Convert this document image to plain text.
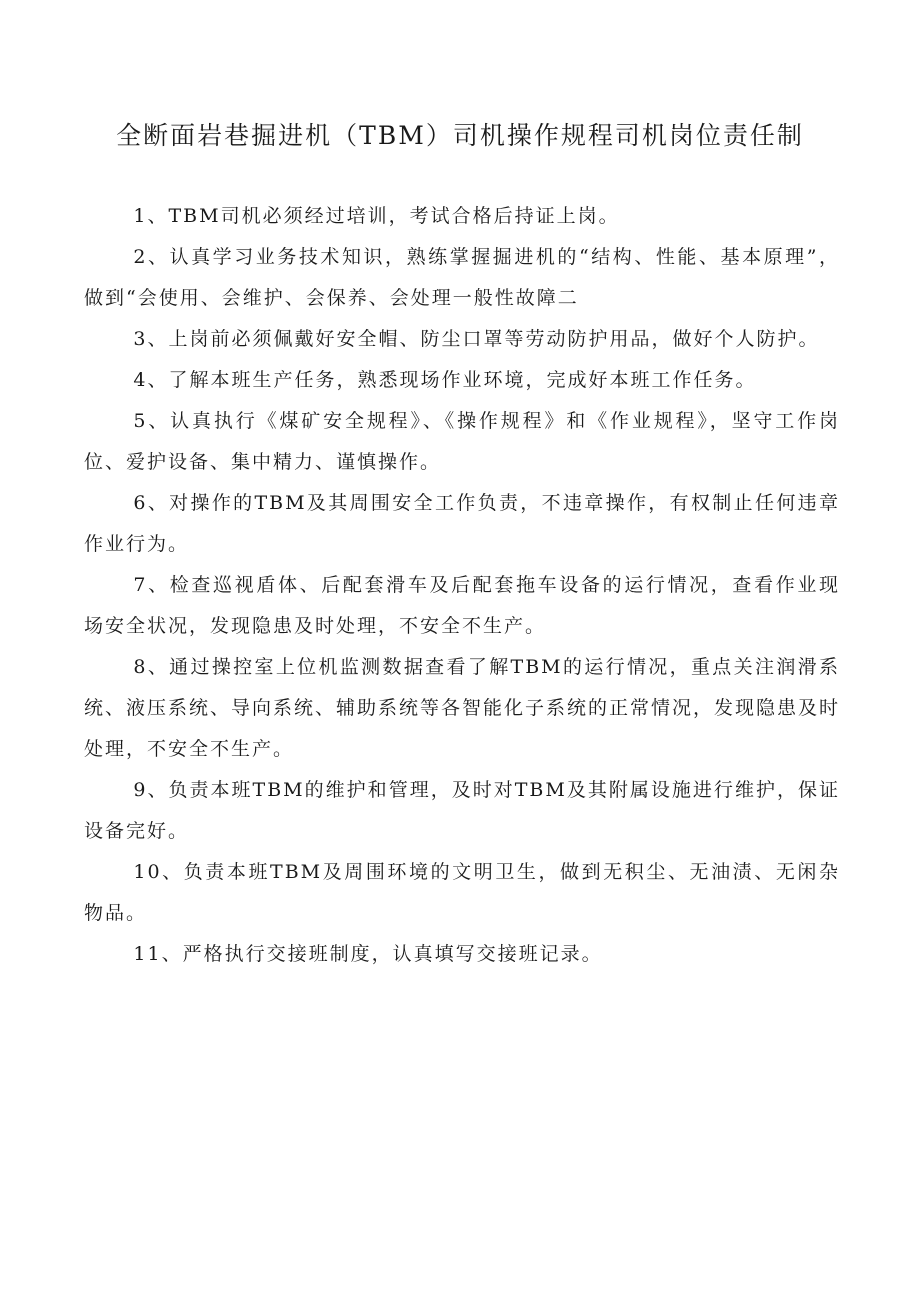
全断面岩巷掘进机（TBM）司机操作规程司机岗位责任制

1、TBM司机必须经过培训，考试合格后持证上岗。

2、认真学习业务技术知识，熟练掌握掘进机的“结构、性能、基本原理”，做到“会使用、会维护、会保养、会处理一般性故障二

3、上岗前必须佩戴好安全帽、防尘口罩等劳动防护用品，做好个人防护。

4、了解本班生产任务，熟悉现场作业环境，完成好本班工作任务。

5、认真执行《煤矿安全规程》、《操作规程》和《作业规程》，坚守工作岗位、爱护设备、集中精力、谨慎操作。

6、对操作的TBM及其周围安全工作负责，不违章操作，有权制止任何违章作业行为。

7、检查巡视盾体、后配套滑车及后配套拖车设备的运行情况，查看作业现场安全状况，发现隐患及时处理，不安全不生产。

8、通过操控室上位机监测数据查看了解TBM的运行情况，重点关注润滑系统、液压系统、导向系统、辅助系统等各智能化子系统的正常情况，发现隐患及时处理，不安全不生产。

9、负责本班TBM的维护和管理，及时对TBM及其附属设施进行维护，保证设备完好。

10、负责本班TBM及周围环境的文明卫生，做到无积尘、无油渍、无闲杂物品。

11、严格执行交接班制度，认真填写交接班记录。
